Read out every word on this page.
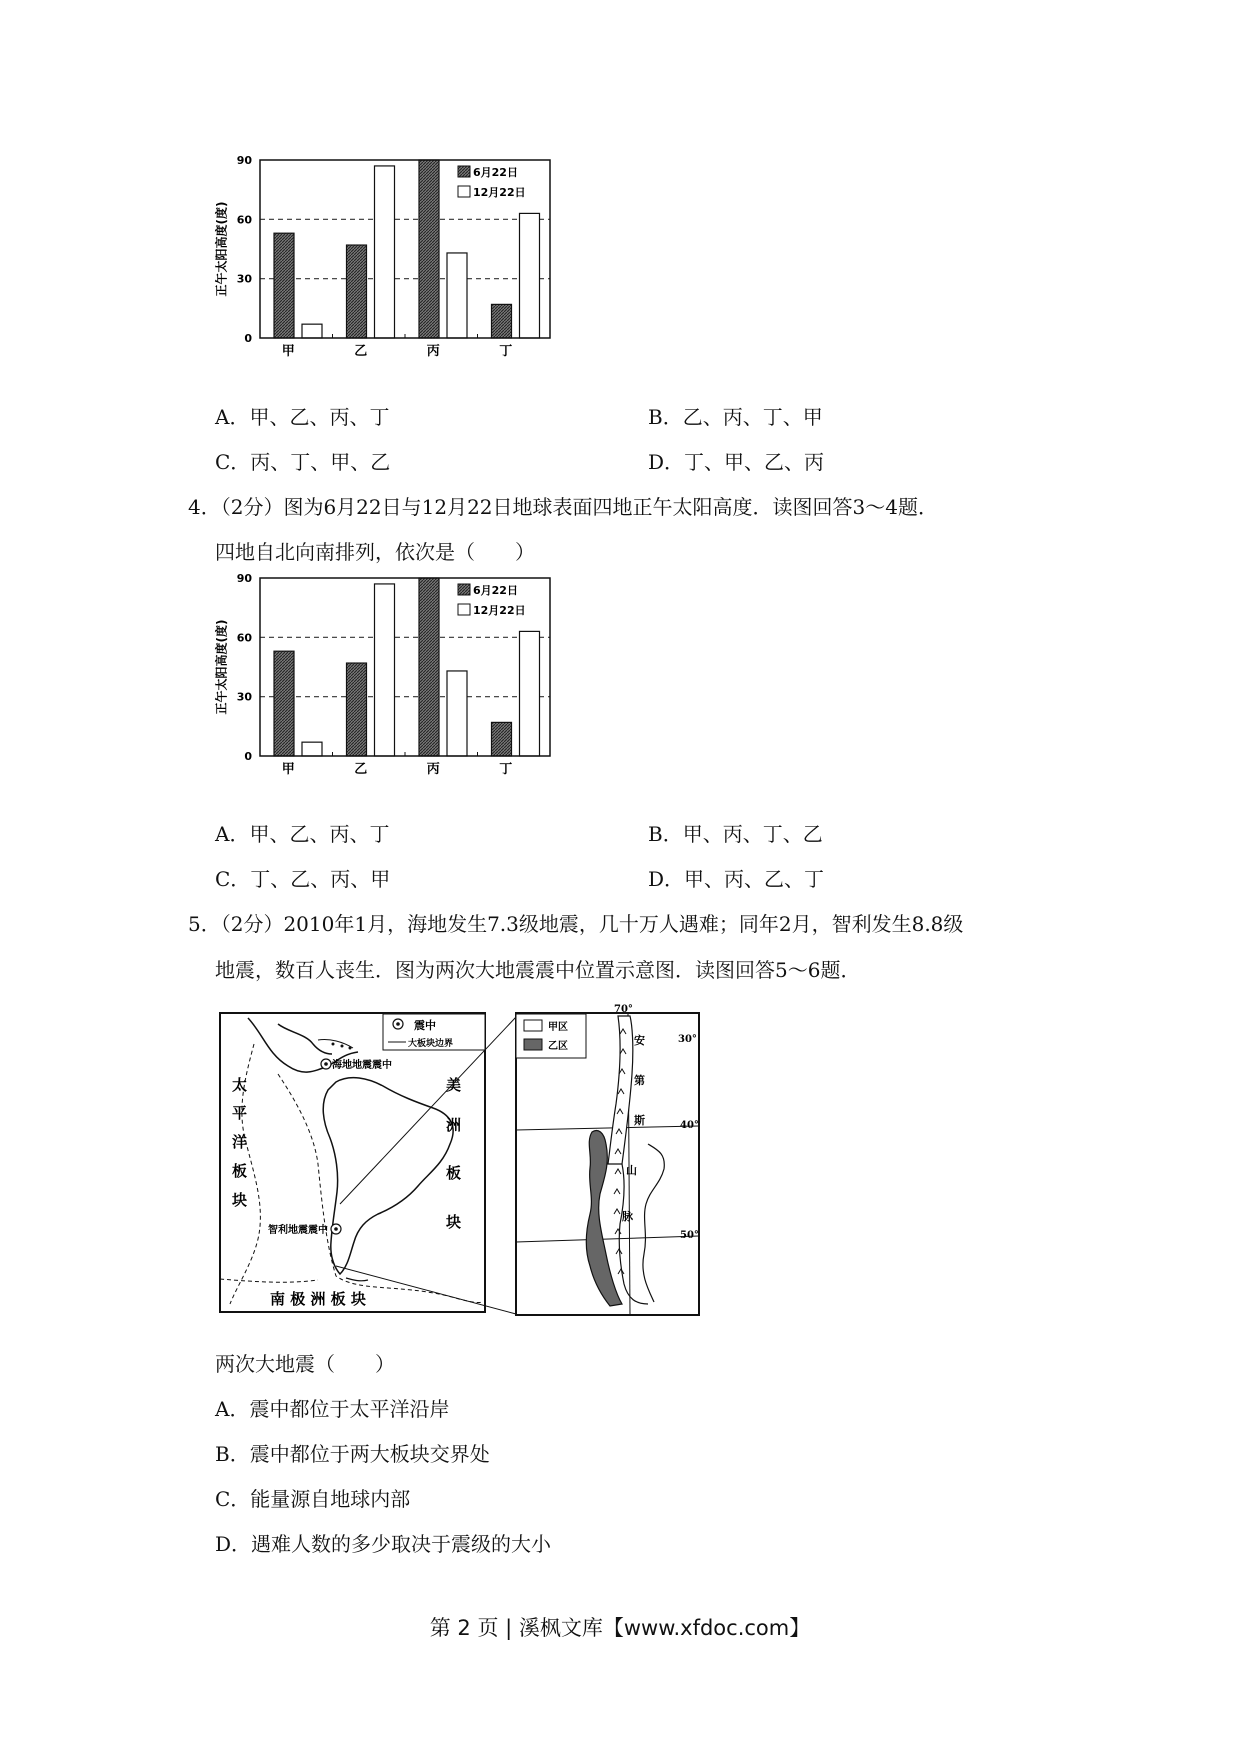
正午太阳高度(度)
0
30
60
90
甲	乙	丙	丁
6月22日
12月22日
A．甲、乙、丙、丁	B．乙、丙、丁、甲
C．丙、丁、甲、乙	D．丁、甲、乙、丙
4．（2分）图为6月22日与12月22日地球表面四地正午太阳高度．读图回答3～4题．
四地自北向南排列，依次是（　　）
正午太阳高度(度)
0
30
60
90
甲	乙	丙	丁
6月22日
12月22日
A．甲、乙、丙、丁	B．甲、丙、丁、乙
C．丁、乙、丙、甲	D．甲、丙、乙、丁
5．（2分）2010年1月，海地发生7.3级地震，几十万人遇难；同年2月，智利发生8.8级
地震，数百人丧生．图为两次大地震震中位置示意图．读图回答5～6题．
震中
大板块边界
海地地震震中
智利地震震中
太
平
洋
板
块
美
洲
板
块
南 极 洲 板 块
甲区
乙区
70°
30°
40°
50°
安
第
斯
山
脉
两次大地震（　　）
A．震中都位于太平洋沿岸
B．震中都位于两大板块交界处
C．能量源自地球内部
D．遇难人数的多少取决于震级的大小
第 2 页 | 溪枫文库【www.xfdoc.com】
